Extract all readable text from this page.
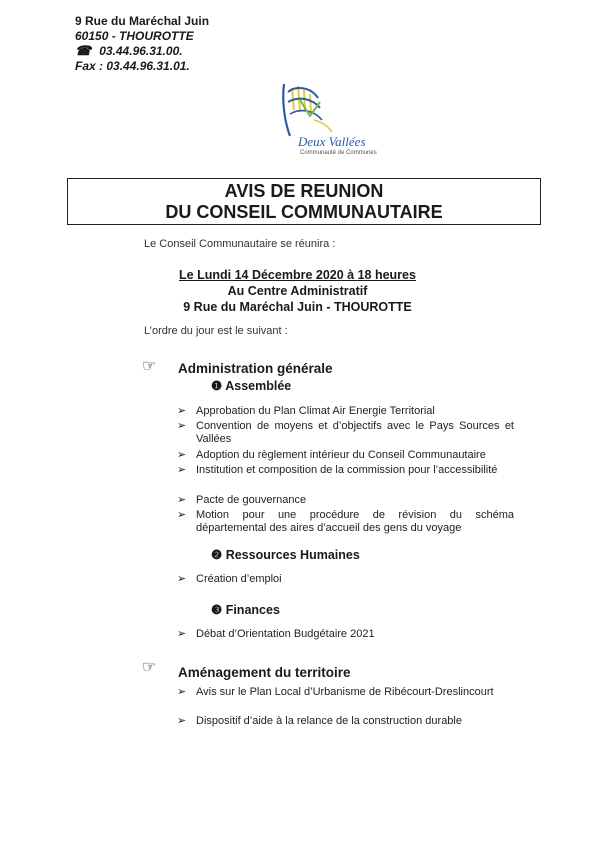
9 Rue du Maréchal Juin
60150 - THOUROTTE
☎ 03.44.96.31.00.
Fax : 03.44.96.31.01.
Deux Vallées
Communauté de Communes
AVIS DE REUNION
DU CONSEIL COMMUNAUTAIRE
Le Conseil Communautaire se réunira :
Le Lundi 14 Décembre 2020 à 18 heures
Au Centre Administratif
9 Rue du Maréchal Juin - THOUROTTE
L’ordre du jour est le suivant :
☞ Administration générale
❶ Assemblée
➢ Approbation du Plan Climat Air Energie Territorial
➢ Convention de moyens et d’objectifs avec le Pays Sources et Vallées
➢ Adoption du règlement intérieur du Conseil Communautaire
➢ Institution et composition de la commission pour l’accessibilité
➢ Pacte de gouvernance
➢ Motion pour une procédure de révision du schéma départemental des aires d’accueil des gens du voyage
❷ Ressources Humaines
➢ Création d’emploi
❸ Finances
➢ Débat d’Orientation Budgétaire 2021
☞ Aménagement du territoire
➢ Avis sur le Plan Local d’Urbanisme de Ribécourt-Dreslincourt
➢ Dispositif d’aide à la relance de la construction durable
